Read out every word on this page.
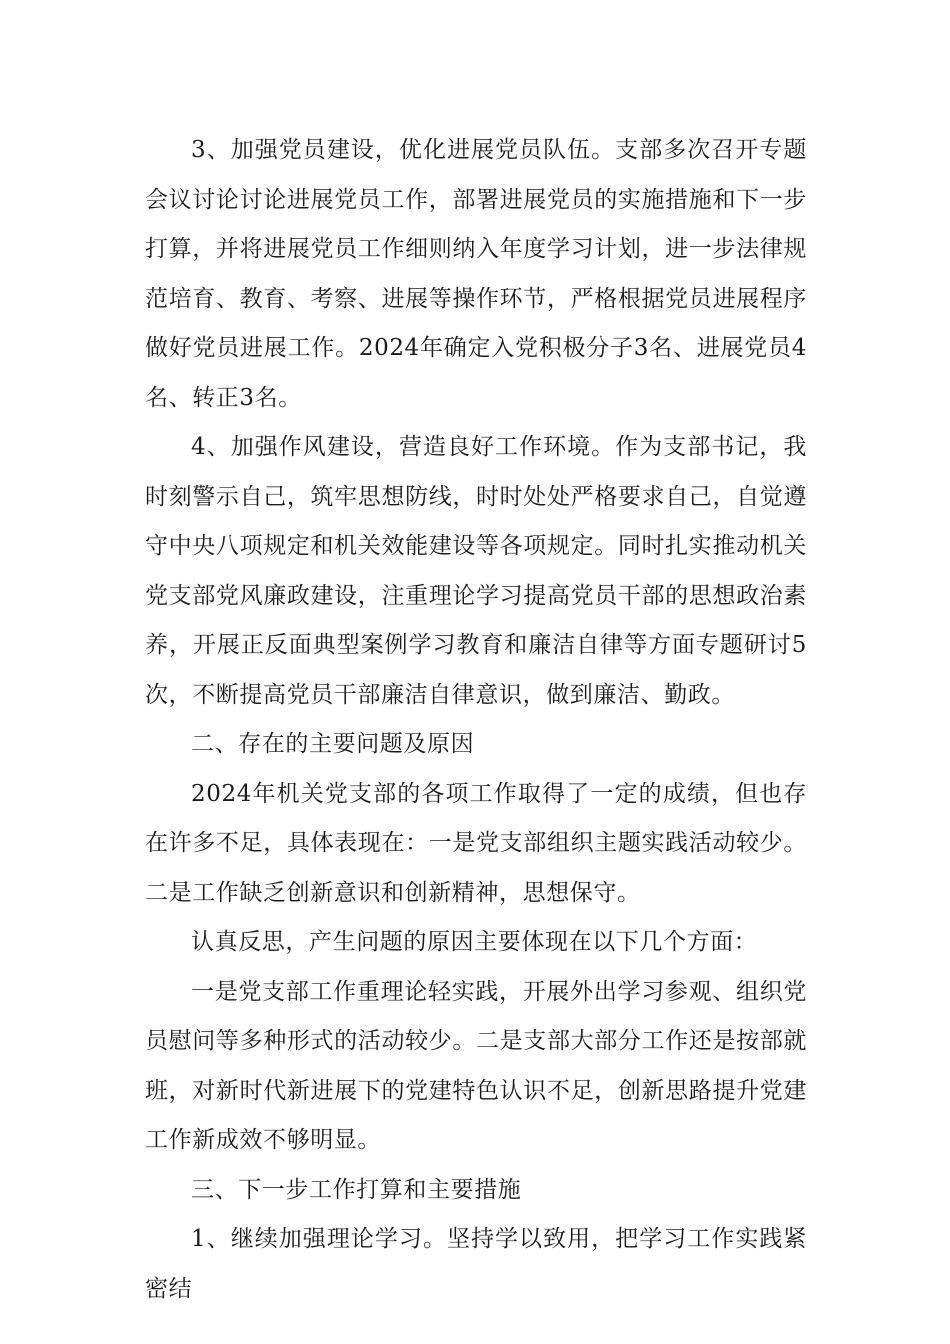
3、加强党员建设，优化进展党员队伍。支部多次召开专题会议讨论讨论进展党员工作，部署进展党员的实施措施和下一步打算，并将进展党员工作细则纳入年度学习计划，进一步法律规范培育、教育、考察、进展等操作环节，严格根据党员进展程序做好党员进展工作。2024年确定入党积极分子3名、进展党员4名、转正3名。

4、加强作风建设，营造良好工作环境。作为支部书记，我时刻警示自己，筑牢思想防线，时时处处严格要求自己，自觉遵守中央八项规定和机关效能建设等各项规定。同时扎实推动机关党支部党风廉政建设，注重理论学习提高党员干部的思想政治素养，开展正反面典型案例学习教育和廉洁自律等方面专题研讨5次，不断提高党员干部廉洁自律意识，做到廉洁、勤政。

二、存在的主要问题及原因

2024年机关党支部的各项工作取得了一定的成绩，但也存在许多不足，具体表现在：一是党支部组织主题实践活动较少。二是工作缺乏创新意识和创新精神，思想保守。

认真反思，产生问题的原因主要体现在以下几个方面：

一是党支部工作重理论轻实践，开展外出学习参观、组织党员慰问等多种形式的活动较少。二是支部大部分工作还是按部就班，对新时代新进展下的党建特色认识不足，创新思路提升党建工作新成效不够明显。

三、下一步工作打算和主要措施

1、继续加强理论学习。坚持学以致用，把学习工作实践紧密结
